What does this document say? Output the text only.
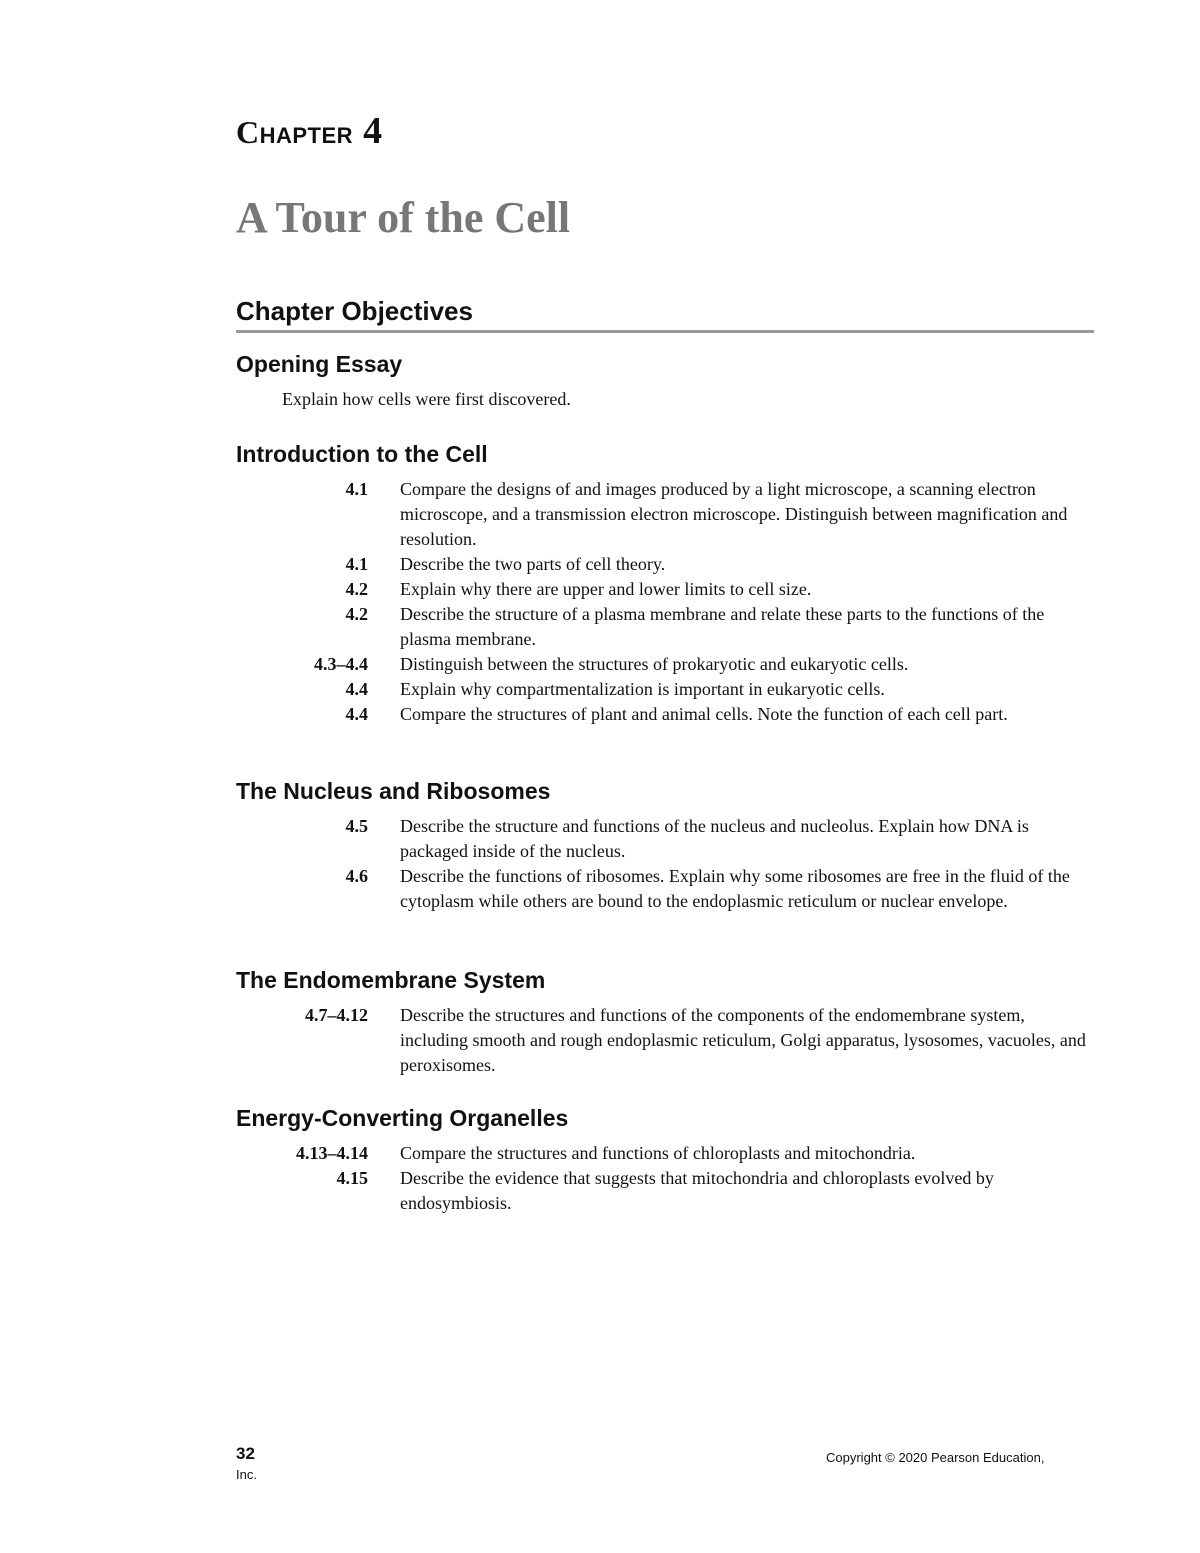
CHAPTER 4
A Tour of the Cell
Chapter Objectives
Opening Essay
Explain how cells were first discovered.
Introduction to the Cell
4.1 Compare the designs of and images produced by a light microscope, a scanning electron microscope, and a transmission electron microscope. Distinguish between magnification and resolution.
4.1 Describe the two parts of cell theory.
4.2 Explain why there are upper and lower limits to cell size.
4.2 Describe the structure of a plasma membrane and relate these parts to the functions of the plasma membrane.
4.3–4.4 Distinguish between the structures of prokaryotic and eukaryotic cells.
4.4 Explain why compartmentalization is important in eukaryotic cells.
4.4 Compare the structures of plant and animal cells. Note the function of each cell part.
The Nucleus and Ribosomes
4.5 Describe the structure and functions of the nucleus and nucleolus. Explain how DNA is packaged inside of the nucleus.
4.6 Describe the functions of ribosomes. Explain why some ribosomes are free in the fluid of the cytoplasm while others are bound to the endoplasmic reticulum or nuclear envelope.
The Endomembrane System
4.7–4.12 Describe the structures and functions of the components of the endomembrane system, including smooth and rough endoplasmic reticulum, Golgi apparatus, lysosomes, vacuoles, and peroxisomes.
Energy-Converting Organelles
4.13–4.14 Compare the structures and functions of chloroplasts and mitochondria.
4.15 Describe the evidence that suggests that mitochondria and chloroplasts evolved by endosymbiosis.
32
Inc.
Copyright © 2020 Pearson Education,
